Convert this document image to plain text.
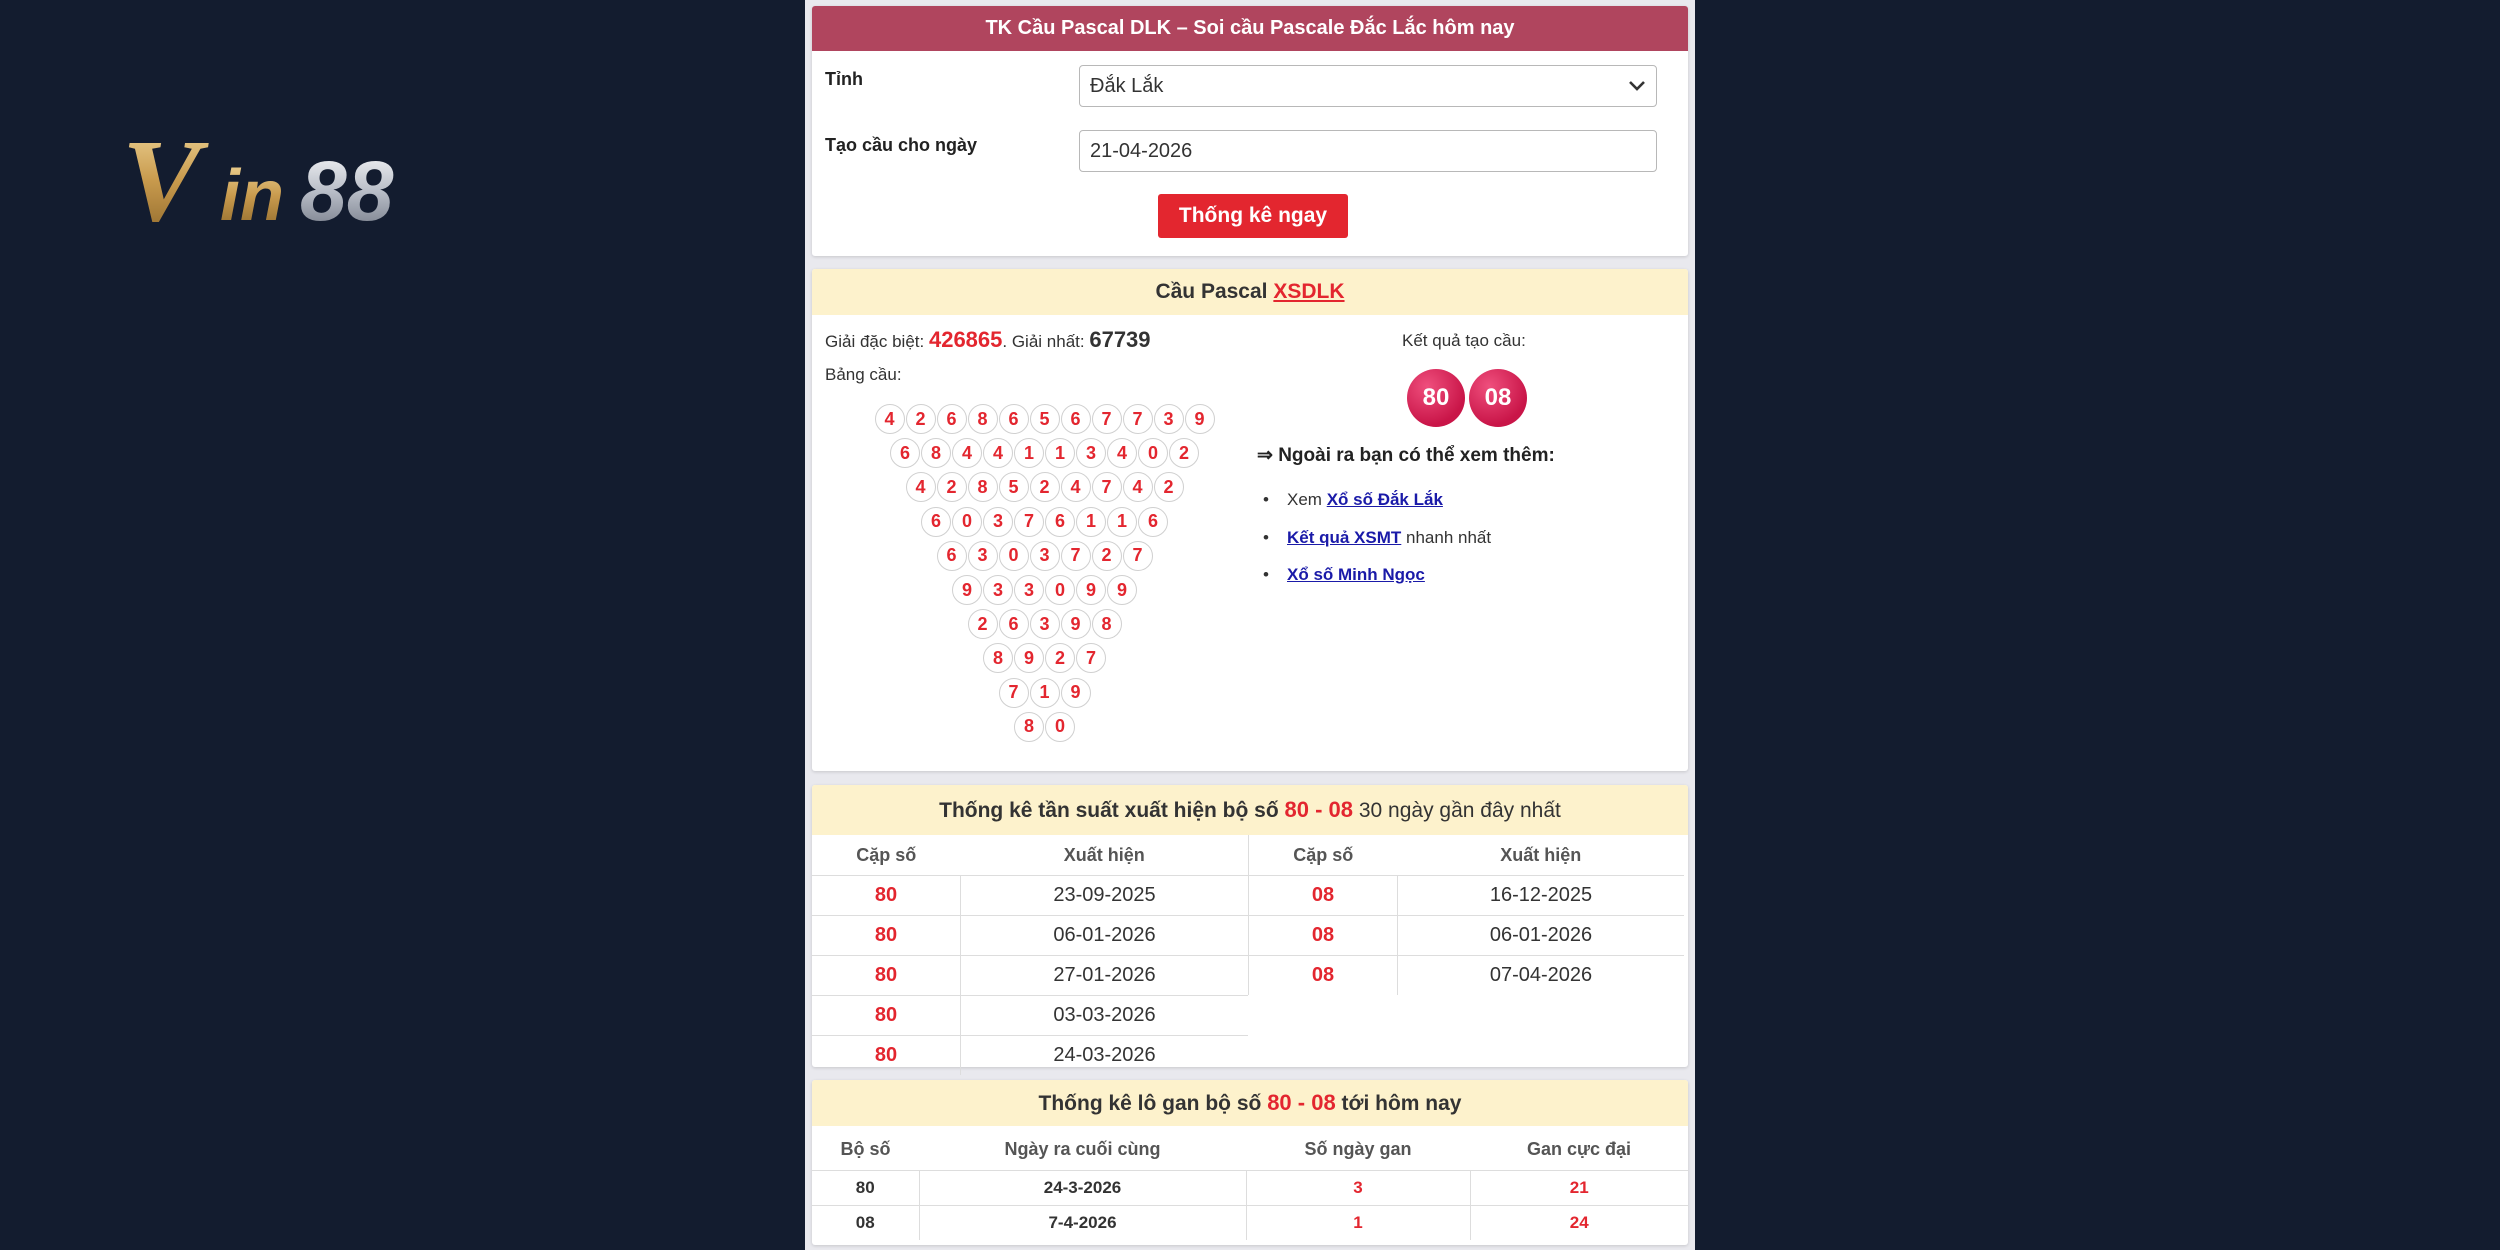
V in 88
TK Cầu Pascal DLK – Soi cầu Pascale Đắc Lắc hôm nay
Tỉnh	Đắk Lắk
Tạo cầu cho ngày	21-04-2026
Thống kê ngay
Cầu Pascal XSDLK
Giải đặc biệt: 426865. Giải nhất: 67739
Bảng cầu:
4	2	6	8	6	5	6	7	7	3	9
6	8	4	4	1	1	3	4	0	2
4	2	8	5	2	4	7	4	2
6	0	3	7	6	1	1	6
6	3	0	3	7	2	7
9	3	3	0	9	9
2	6	3	9	8
8	9	2	7
7	1	9
8	0
Kết quả tạo cầu:
80	08
⇒ Ngoài ra bạn có thể xem thêm:
• Xem Xổ số Đắk Lắk
• Kết quả XSMT nhanh nhất
• Xổ số Minh Ngọc
Thống kê tần suất xuất hiện bộ số 80 - 08 30 ngày gần đây nhất
Cặp số	Xuất hiện
80	23-09-2025
80	06-01-2026
80	27-01-2026
80	03-03-2026
80	24-03-2026
Cặp số	Xuất hiện
08	16-12-2025
08	06-01-2026
08	07-04-2026
Thống kê lô gan bộ số 80 - 08 tới hôm nay
Bộ số	Ngày ra cuối cùng	Số ngày gan	Gan cực đại
80	24-3-2026	3	21
08	7-4-2026	1	24
